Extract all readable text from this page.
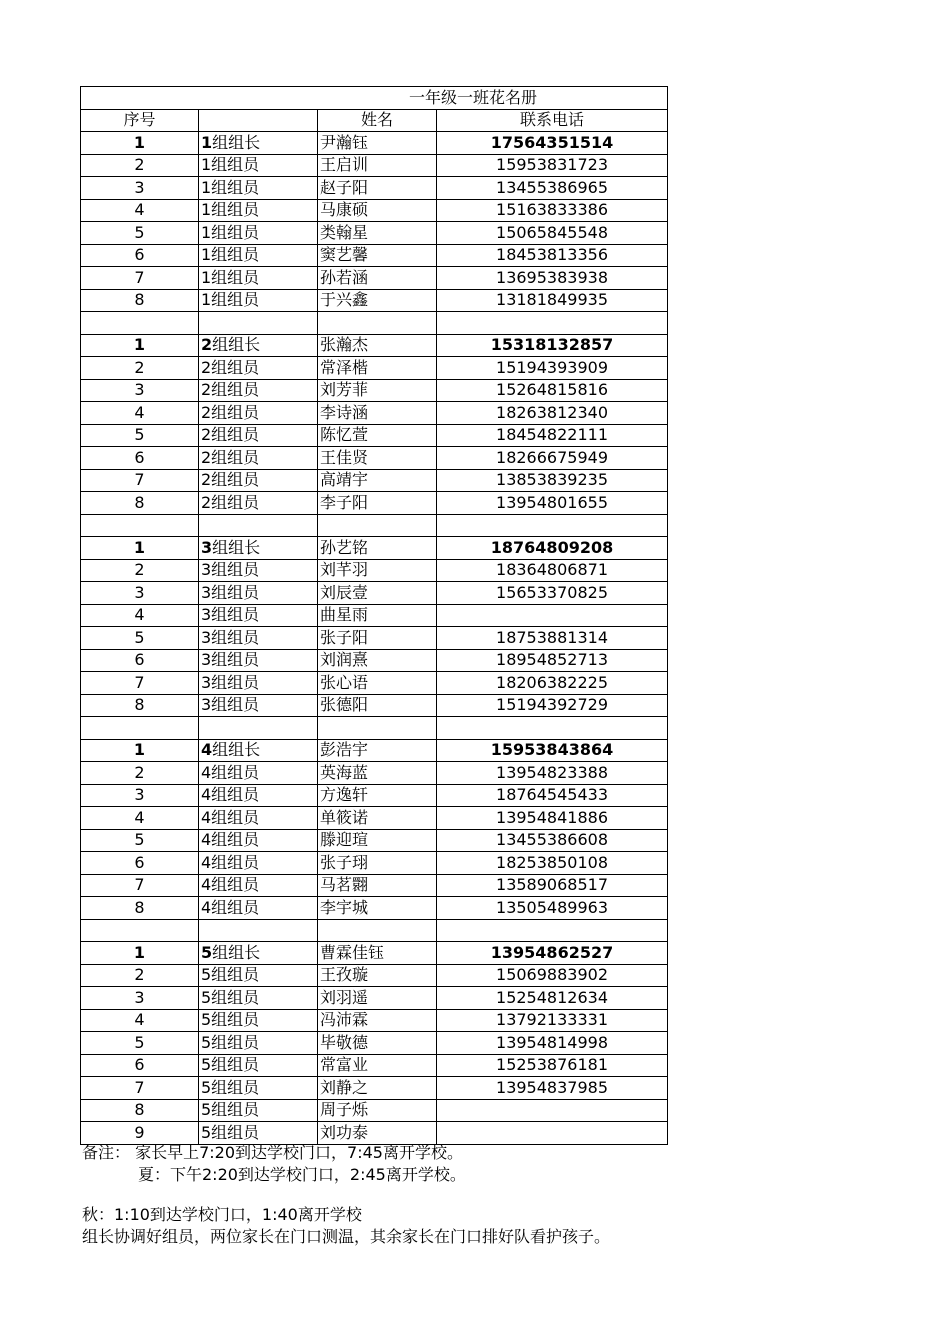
一年级一班花名册			
序号		姓名	联系电话
1	1组组长	尹瀚钰	17564351514
2	1组组员	王启训	15953831723
3	1组组员	赵子阳	13455386965
4	1组组员	马康硕	15163833386
5	1组组员	类翰星	15065845548
6	1组组员	窦艺馨	18453813356
7	1组组员	孙若涵	13695383938
8	1组组员	于兴鑫	13181849935

1	2组组长	张瀚杰	15318132857
2	2组组员	常泽楷	15194393909
3	2组组员	刘芳菲	15264815816
4	2组组员	李诗涵	18263812340
5	2组组员	陈忆萱	18454822111
6	2组组员	王佳贤	18266675949
7	2组组员	高靖宇	13853839235
8	2组组员	李子阳	13954801655

1	3组组长	孙艺铭	18764809208
2	3组组员	刘芊羽	18364806871
3	3组组员	刘辰壹	15653370825
4	3组组员	曲星雨	
5	3组组员	张子阳	18753881314
6	3组组员	刘润熹	18954852713
7	3组组员	张心语	18206382225
8	3组组员	张德阳	15194392729

1	4组组长	彭浩宇	15953843864
2	4组组员	英海蓝	13954823388
3	4组组员	方逸轩	18764545433
4	4组组员	单筱诺	13954841886
5	4组组员	滕迎瑄	13455386608
6	4组组员	张子珝	18253850108
7	4组组员	马茗翾	13589068517
8	4组组员	李宇城	13505489963

1	5组组长	曹霖佳钰	13954862527
2	5组组员	王孜璇	15069883902
3	5组组员	刘羽遥	15254812634
4	5组组员	冯沛霖	13792133331
5	5组组员	毕敬德	13954814998
6	5组组员	常富业	15253876181
7	5组组员	刘静之	13954837985
8	5组组员	周子烁	
9	5组组员	刘功泰	
备注： 家长早上7:20到达学校门口，7:45离开学校。
夏：下午2:20到达学校门口，2:45离开学校。
秋：1:10到达学校门口，1:40离开学校
组长协调好组员，两位家长在门口测温，其余家长在门口排好队看护孩子。
